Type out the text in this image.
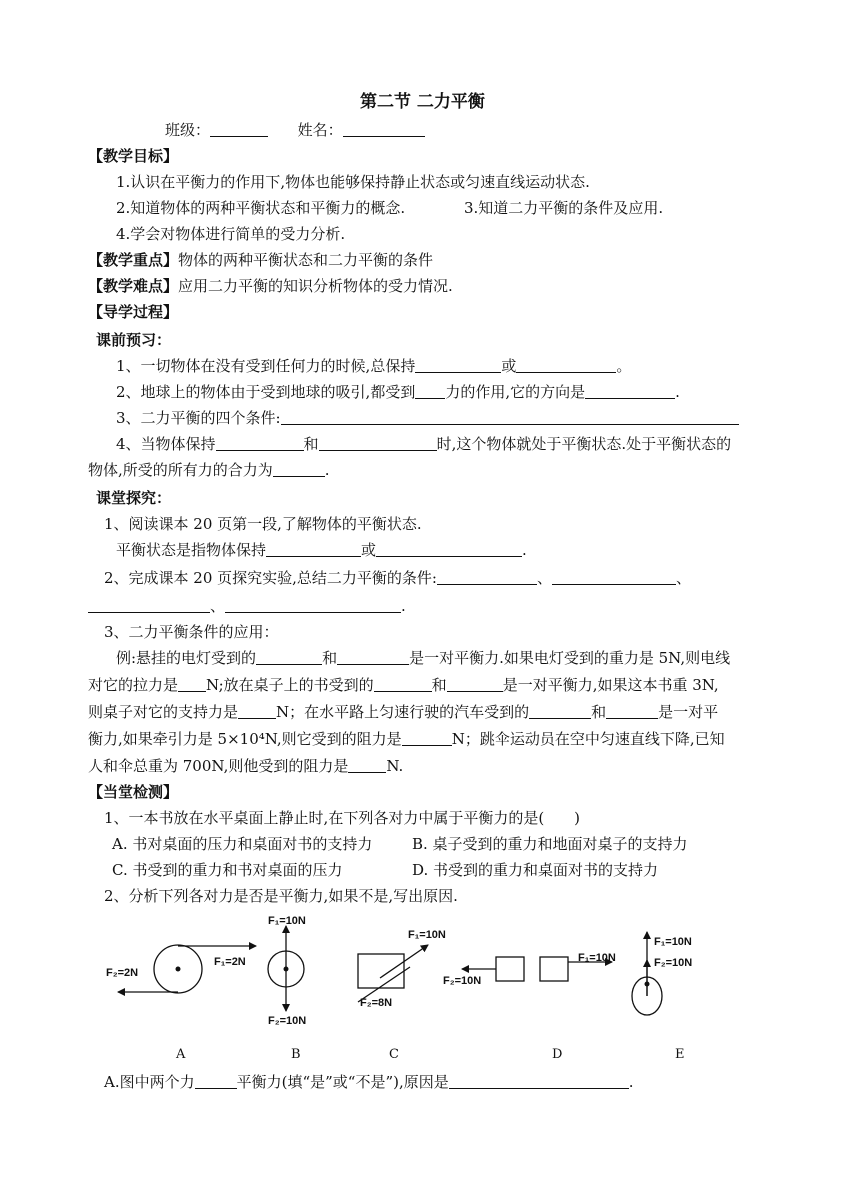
第二节 二力平衡
班级：	姓名：
【教学目标】
1.认识在平衡力的作用下,物体也能够保持静止状态或匀速直线运动状态.
2.知道物体的两种平衡状态和平衡力的概念.	3.知道二力平衡的条件及应用.
4.学会对物体进行简单的受力分析.
【教学重点】物体的两种平衡状态和二力平衡的条件
【教学难点】应用二力平衡的知识分析物体的受力情况.
【导学过程】
课前预习：
1、一切物体在没有受到任何力的时候,总保持	或	。
2、地球上的物体由于受到地球的吸引,都受到 力的作用,它的方向是	.
3、二力平衡的四个条件:
4、当物体保持	和	时,这个物体就处于平衡状态.处于平衡状态的
物体,所受的所有力的合力为	.
课堂探究：
1、阅读课本 20 页第一段,了解物体的平衡状态.
平衡状态是指物体保持	或	.
2、完成课本 20 页探究实验,总结二力平衡的条件:	、	、
、	.
3、二力平衡条件的应用：
例:悬挂的电灯受到的	和	是一对平衡力.如果电灯受到的重力是 5N,则电线
对它的拉力是 N;放在桌子上的书受到的	和	是一对平衡力,如果这本书重 3N,
则桌子对它的支持力是	N；在水平路上匀速行驶的汽车受到的	和	是一对平
衡力,如果牵引力是 5×10⁴N,则它受到的阻力是	N；跳伞运动员在空中匀速直线下降,已知
人和伞总重为 700N,则他受到的阻力是	N.
【当堂检测】
1、一本书放在水平桌面上静止时,在下列各对力中属于平衡力的是(　　)
A. 书对桌面的压力和桌面对书的支持力	B. 桌子受到的重力和地面对桌子的支持力
C. 书受到的重力和书对桌面的压力	D. 书受到的重力和桌面对书的支持力
2、分析下列各对力是否是平衡力,如果不是,写出原因.
F₁=2N
F₂=2N
F₁=10N
F₂=10N
F₁=10N
F₂=8N
F₁=10N
F₂=10N
F₁=10N
F₂=10N
A	B	C	D	E
A.图中两个力	平衡力(填“是”或“不是”),原因是	.
